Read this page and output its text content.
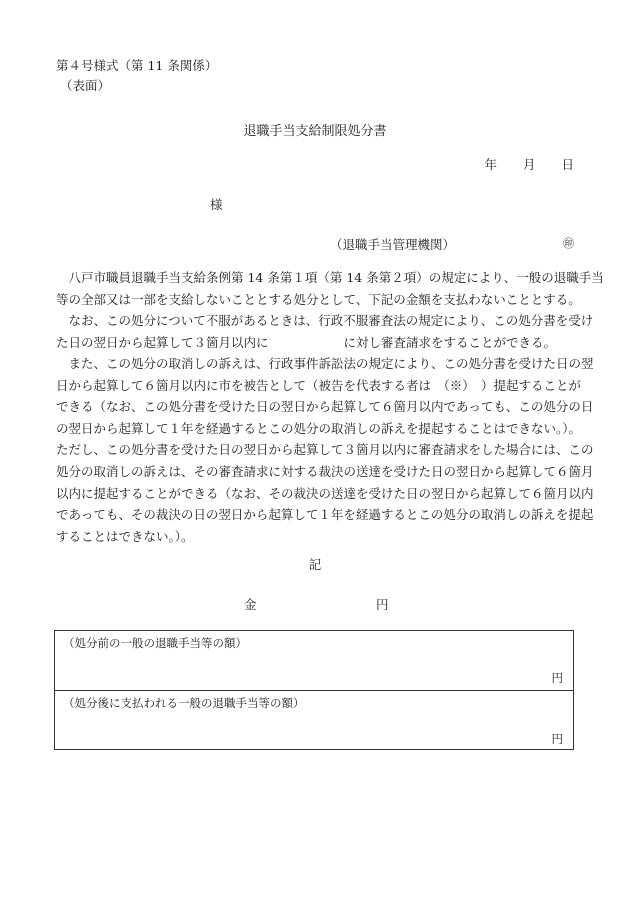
第４号様式（第 11 条関係）
（表面）
退職手当支給制限処分書
年 月 日
様
（退職手当管理機関）	㊞
　八戸市職員退職手当支給条例第 14 条第１項（第 14 条第２項）の規定により、一般の退職手当
等の全部又は一部を支給しないこととする処分として、下記の金額を支払わないこととする。
　なお、この処分について不服があるときは、行政不服審査法の規定により、この処分書を受け
た日の翌日から起算して３箇月以内に　　　　　　に対し審査請求をすることができる。
　また、この処分の取消しの訴えは、行政事件訴訟法の規定により、この処分書を受けた日の翌
日から起算して６箇月以内に市を被告として（被告を代表する者は　（※）　）提起することが
できる（なお、この処分書を受けた日の翌日から起算して６箇月以内であっても、この処分の日
の翌日から起算して１年を経過するとこの処分の取消しの訴えを提起することはできない。）。
ただし、この処分書を受けた日の翌日から起算して３箇月以内に審査請求をした場合には、この
処分の取消しの訴えは、その審査請求に対する裁決の送達を受けた日の翌日から起算して６箇月
以内に提起することができる（なお、その裁決の送達を受けた日の翌日から起算して６箇月以内
であっても、その裁決の日の翌日から起算して１年を経過するとこの処分の取消しの訴えを提起
することはできない。）。
記
金	円
（処分前の一般の退職手当等の額）
円
（処分後に支払われる一般の退職手当等の額）
円
